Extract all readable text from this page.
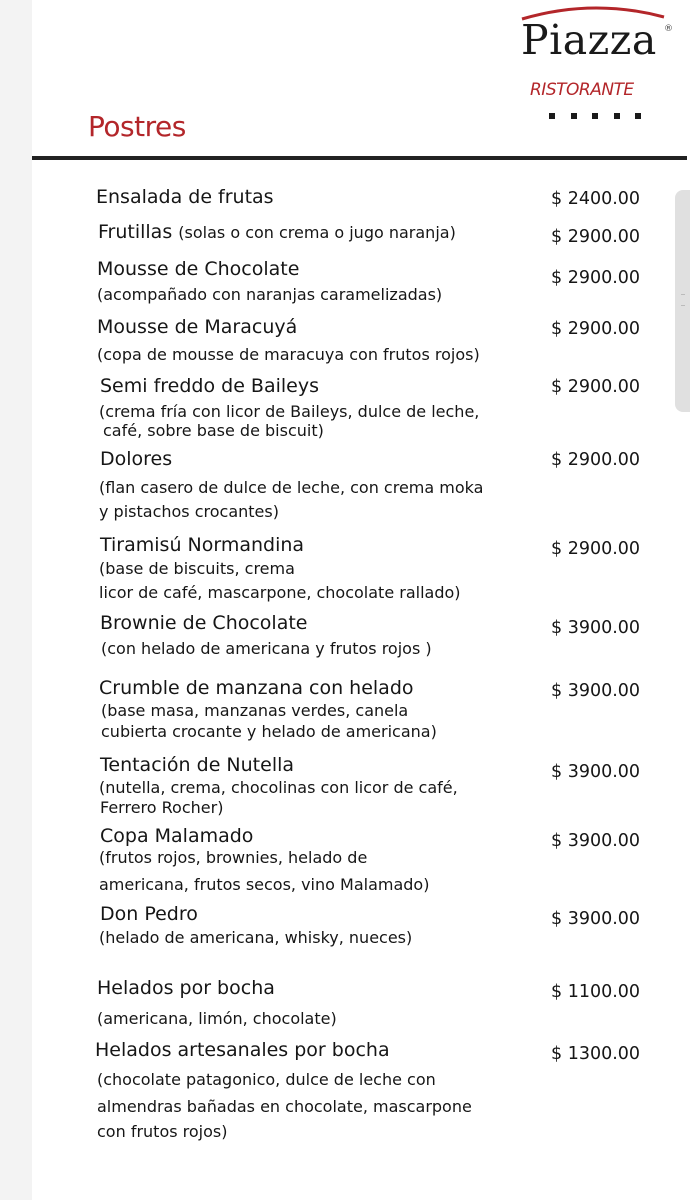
Piazza ®
RISTORANTE
Postres
Ensalada de frutas	$ 2400.00
Frutillas (solas o con crema o jugo naranja)	$ 2900.00
Mousse de Chocolate
(acompañado con naranjas caramelizadas)
$ 2900.00
Mousse de Maracuyá
(copa de mousse de maracuya con frutos rojos)
$ 2900.00
Semi freddo de Baileys
(crema fría con licor de Baileys, dulce de leche,
café, sobre base de biscuit)
$ 2900.00
Dolores
(flan casero de dulce de leche, con crema moka
y pistachos crocantes)
$ 2900.00
Tiramisú Normandina
(base de biscuits, crema
licor de café, mascarpone, chocolate rallado)
$ 2900.00
Brownie de Chocolate
(con helado de americana y frutos rojos )
$ 3900.00
Crumble de manzana con helado
(base masa, manzanas verdes, canela
cubierta crocante y helado de americana)
$ 3900.00
Tentación de Nutella
(nutella, crema, chocolinas con licor de café,
Ferrero Rocher)
$ 3900.00
Copa Malamado
(frutos rojos, brownies, helado de
americana, frutos secos, vino Malamado)
$ 3900.00
Don Pedro
(helado de americana, whisky, nueces)
$ 3900.00
Helados por bocha
(americana, limón, chocolate)
$ 1100.00
Helados artesanales por bocha
(chocolate patagonico, dulce de leche con
almendras bañadas en chocolate, mascarpone
con frutos rojos)
$ 1300.00
